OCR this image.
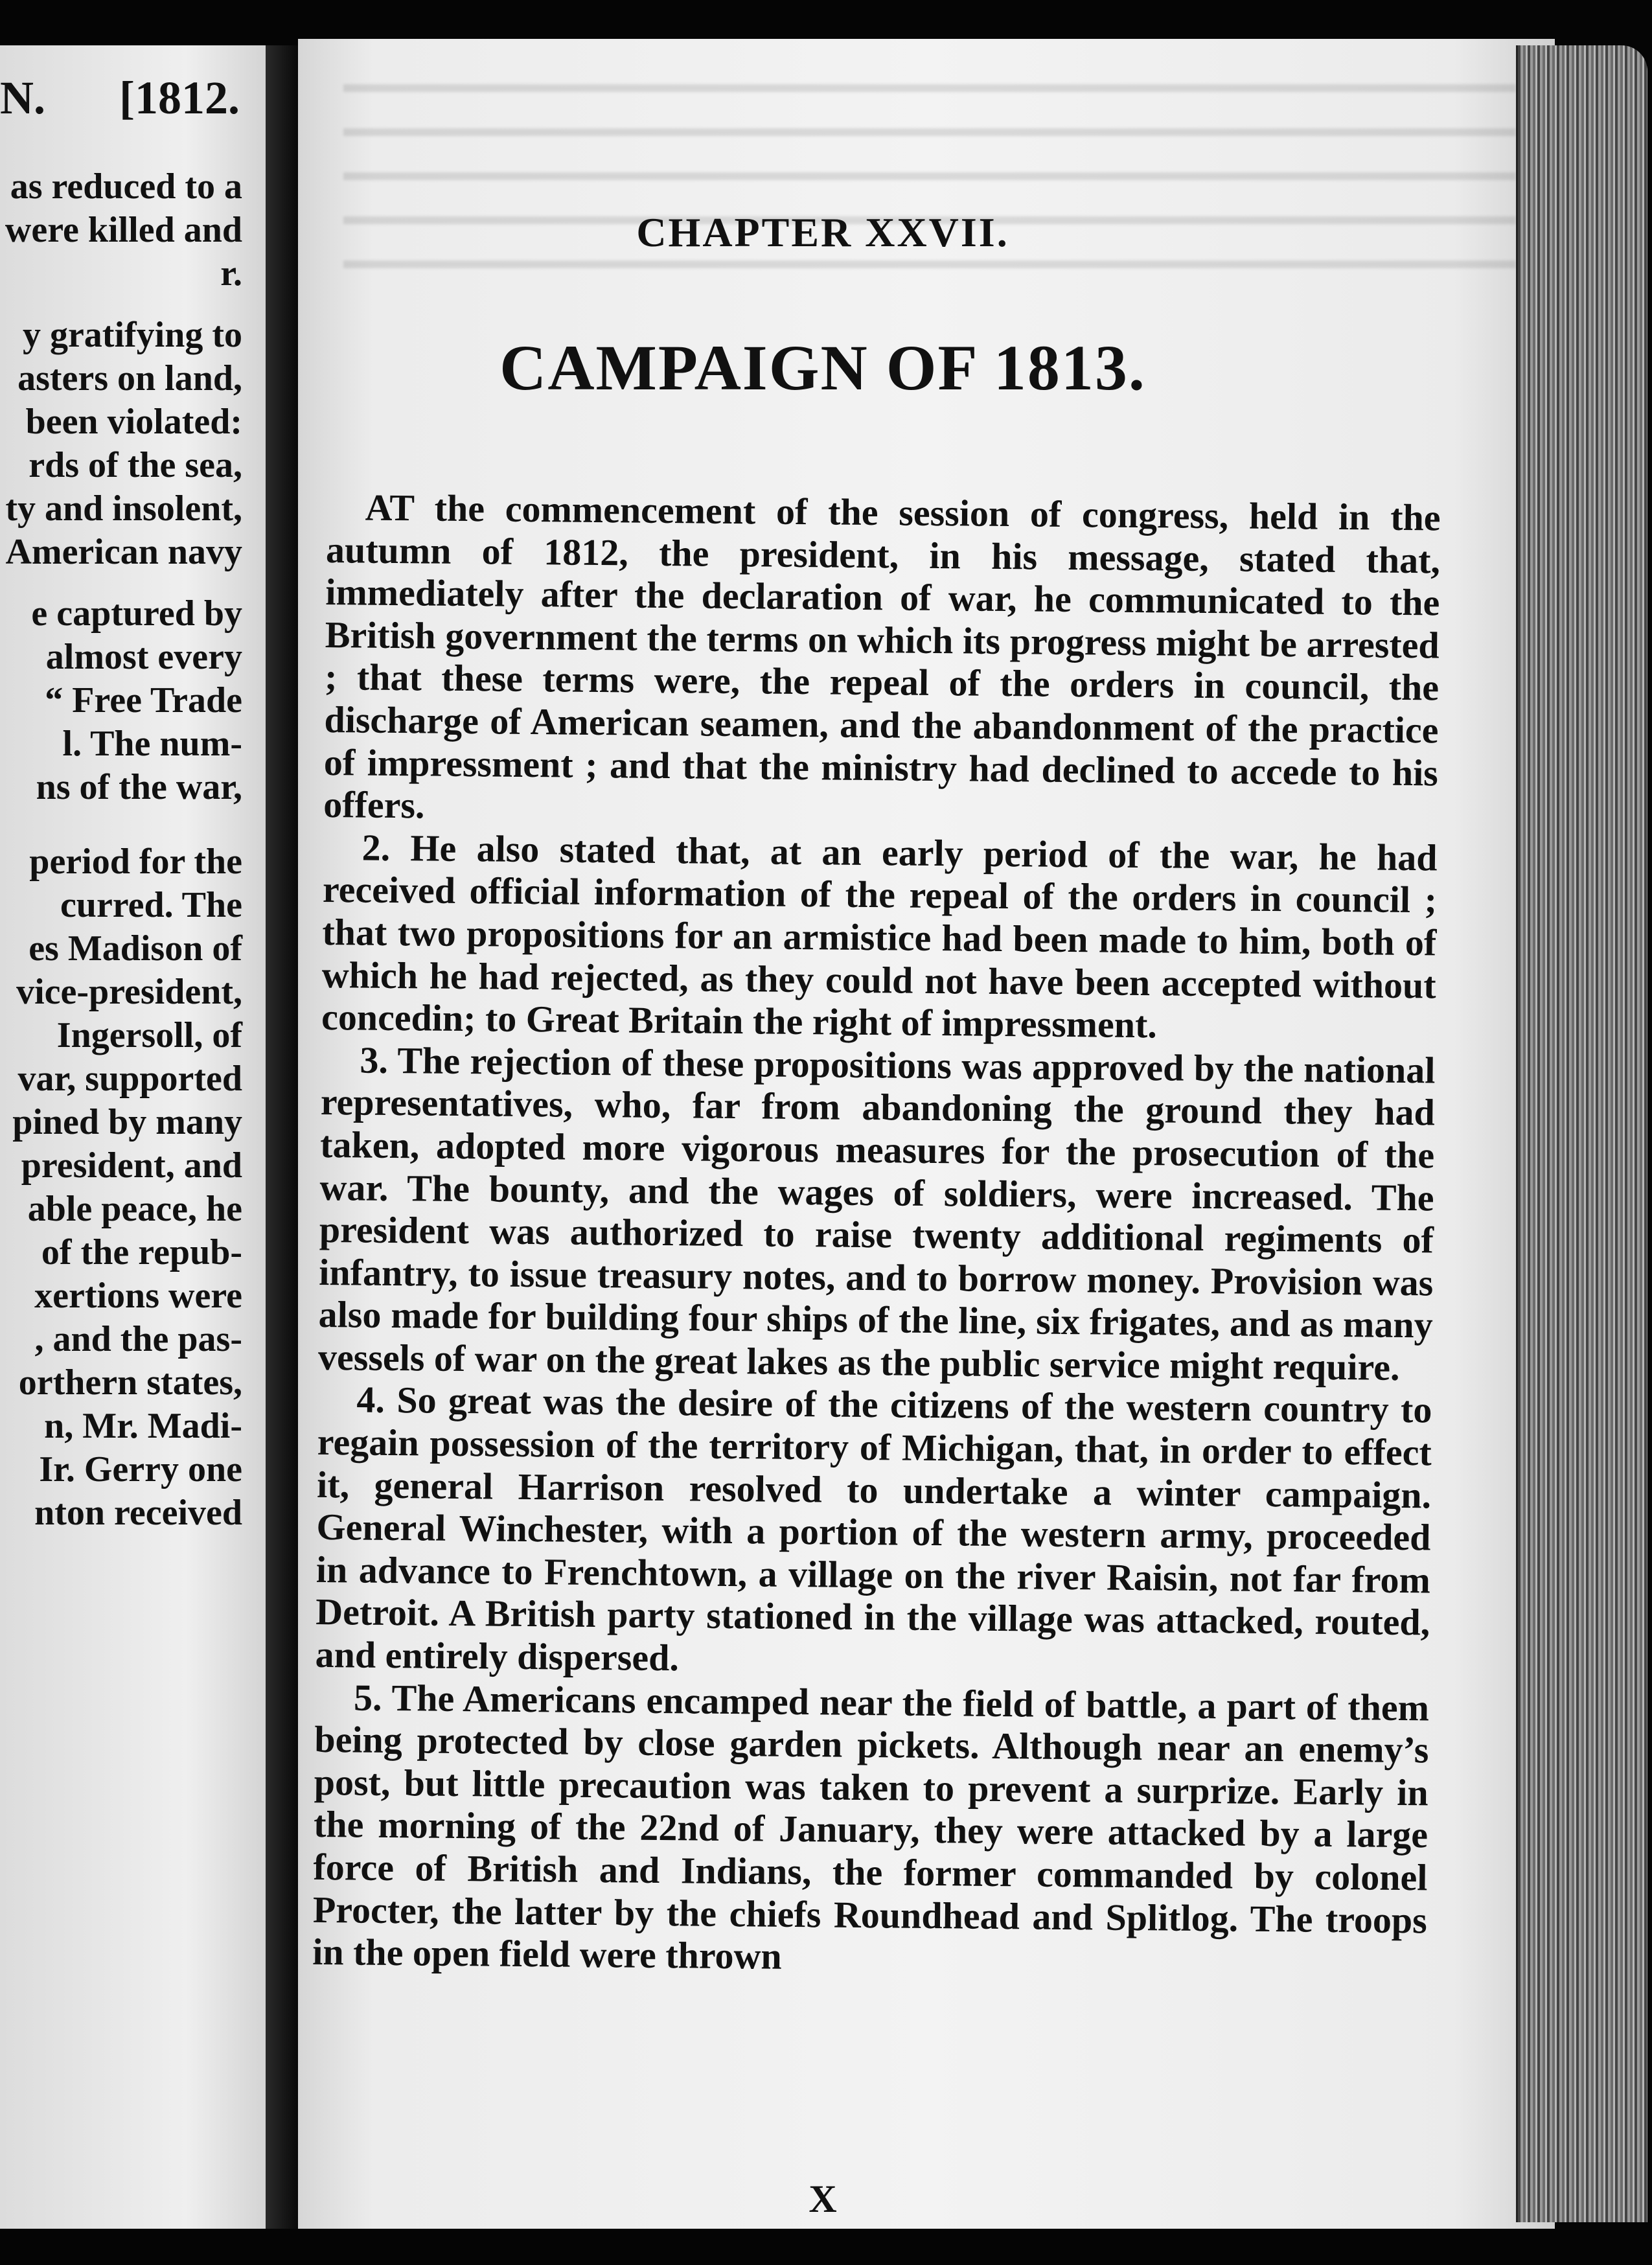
N. [1812.
as reduced to a
were killed and
r.
y gratifying to
asters on land,
been violated:
rds of the sea,
ty and insolent,
American navy
e captured by
almost every
“ Free Trade
l. The num-
ns of the war,
period for the
curred. The
es Madison of
vice-president,
Ingersoll, of
var, supported
pined by many
president, and
able peace, he
of the repub-
xertions were
, and the pas-
orthern states,
n, Mr. Madi-
Ir. Gerry one
nton received
CHAPTER XXVII.
CAMPAIGN OF 1813.

AT the commencement of the session of congress, held in the autumn of 1812, the president, in his message, stated that, immediately after the declaration of war, he communicated to the British government the terms on which its progress might be arrested ; that these terms were, the repeal of the orders in council, the discharge of American seamen, and the abandonment of the practice of impressment ; and that the ministry had declined to accede to his offers.

2. He also stated that, at an early period of the war, he had received official information of the repeal of the orders in council ; that two propositions for an armistice had been made to him, both of which he had rejected, as they could not have been accepted without concedin; to Great Britain the right of impressment.

3. The rejection of these propositions was approved by the national representatives, who, far from abandoning the ground they had taken, adopted more vigorous measures for the prosecution of the war. The bounty, and the wages of soldiers, were increased. The president was authorized to raise twenty additional regiments of infantry, to issue treasury notes, and to borrow money. Provision was also made for building four ships of the line, six frigates, and as many vessels of war on the great lakes as the public service might require.

4. So great was the desire of the citizens of the western country to regain possession of the territory of Michigan, that, in order to effect it, general Harrison resolved to undertake a winter campaign. General Winchester, with a portion of the western army, proceeded in advance to Frenchtown, a village on the river Raisin, not far from Detroit. A British party stationed in the village was attacked, routed, and entirely dispersed.

5. The Americans encamped near the field of battle, a part of them being protected by close garden pickets. Although near an enemy’s post, but little precaution was taken to prevent a surprize. Early in the morning of the 22nd of January, they were attacked by a large force of British and Indians, the former commanded by colonel Procter, the latter by the chiefs Roundhead and Splitlog. The troops in the open field were thrown

X
